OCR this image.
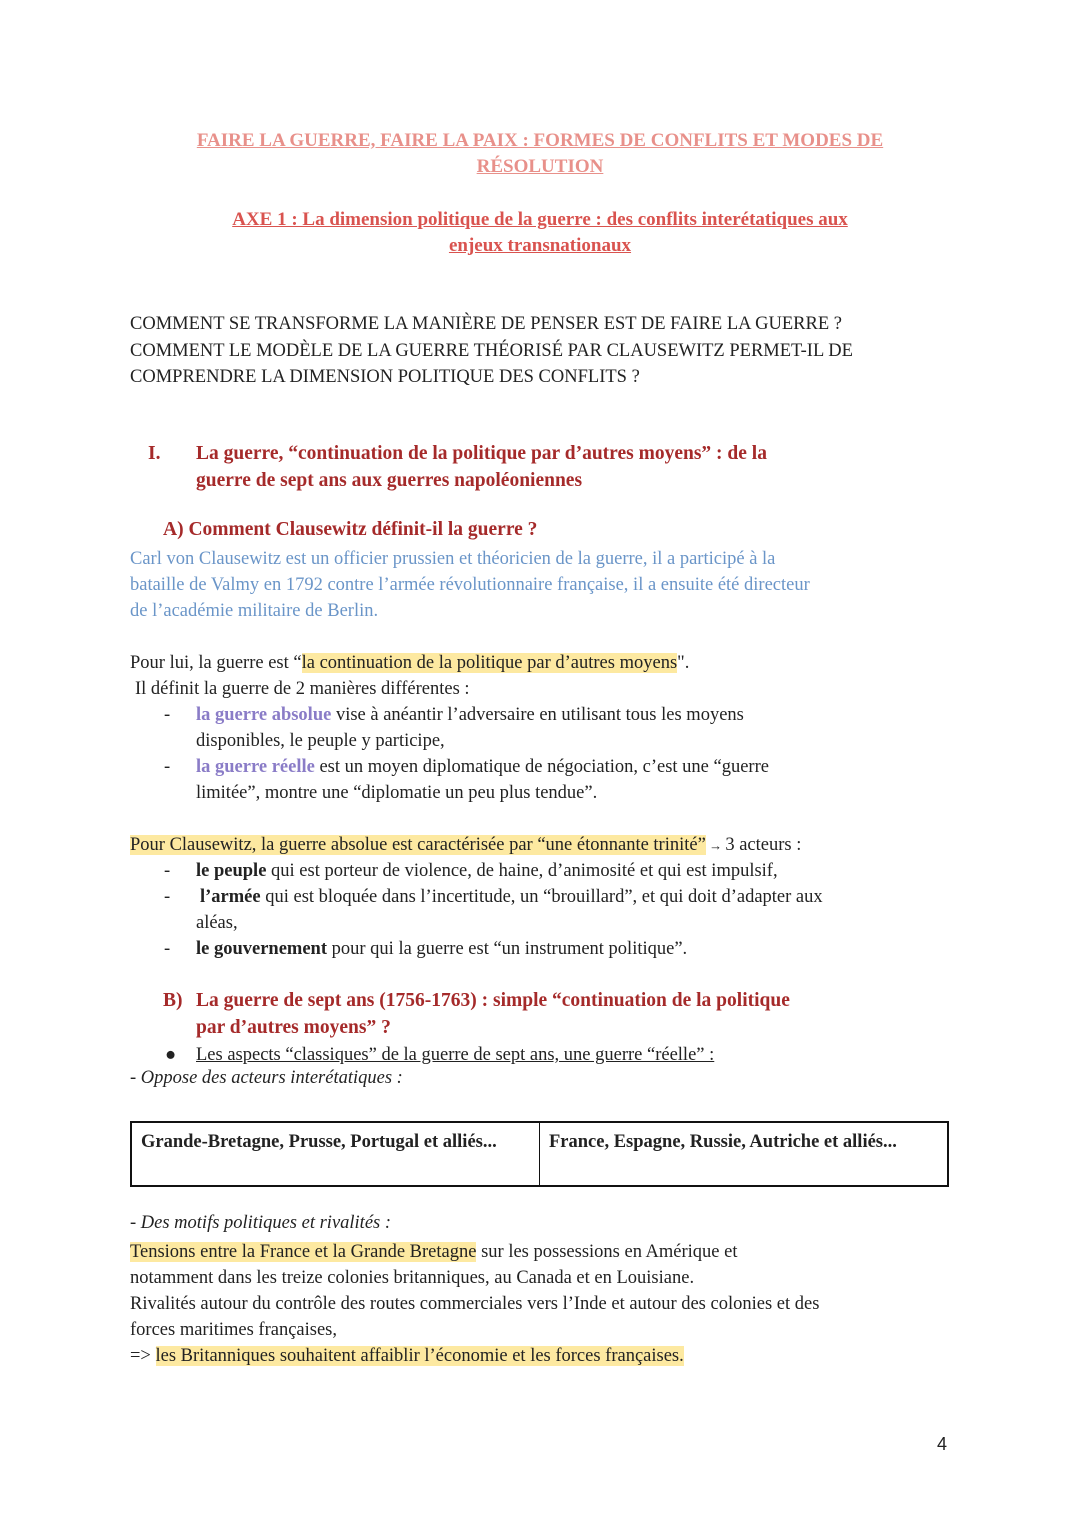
FAIRE LA GUERRE, FAIRE LA PAIX : FORMES DE CONFLITS ET MODES DE
RÉSOLUTION
AXE 1 : La dimension politique de la guerre : des conflits interétatiques aux
enjeux transnationaux
COMMENT SE TRANSFORME LA MANIÈRE DE PENSER EST DE FAIRE LA GUERRE ?
COMMENT LE MODÈLE DE LA GUERRE THÉORISÉ PAR CLAUSEWITZ PERMET-IL DE
COMPRENDRE LA DIMENSION POLITIQUE DES CONFLITS ?
I. La guerre, “continuation de la politique par d’autres moyens” : de la
guerre de sept ans aux guerres napoléoniennes
A) Comment Clausewitz définit-il la guerre ?
Carl von Clausewitz est un officier prussien et théoricien de la guerre, il a participé à la
bataille de Valmy en 1792 contre l’armée révolutionnaire française, il a ensuite été directeur
de l’académie militaire de Berlin.
Pour lui, la guerre est “la continuation de la politique par d’autres moyens".
Il définit la guerre de 2 manières différentes :
- la guerre absolue vise à anéantir l’adversaire en utilisant tous les moyens
disponibles, le peuple y participe,
- la guerre réelle est un moyen diplomatique de négociation, c’est une “guerre
limitée”, montre une “diplomatie un peu plus tendue”.
Pour Clausewitz, la guerre absolue est caractérisée par “une étonnante trinité” → 3 acteurs :
- le peuple qui est porteur de violence, de haine, d’animosité et qui est impulsif,
- l’armée qui est bloquée dans l’incertitude, un “brouillard”, et qui doit d’adapter aux
aléas,
- le gouvernement pour qui la guerre est “un instrument politique”.
B) La guerre de sept ans (1756-1763) : simple “continuation de la politique
par d’autres moyens” ?
● Les aspects “classiques” de la guerre de sept ans, une guerre “réelle” :
- Oppose des acteurs interétatiques :
Grande-Bretagne, Prusse, Portugal et alliés...	France, Espagne, Russie, Autriche et alliés...
- Des motifs politiques et rivalités :
Tensions entre la France et la Grande Bretagne sur les possessions en Amérique et
notamment dans les treize colonies britanniques, au Canada et en Louisiane.
Rivalités autour du contrôle des routes commerciales vers l’Inde et autour des colonies et des
forces maritimes françaises,
=> les Britanniques souhaitent affaiblir l’économie et les forces françaises.
4
